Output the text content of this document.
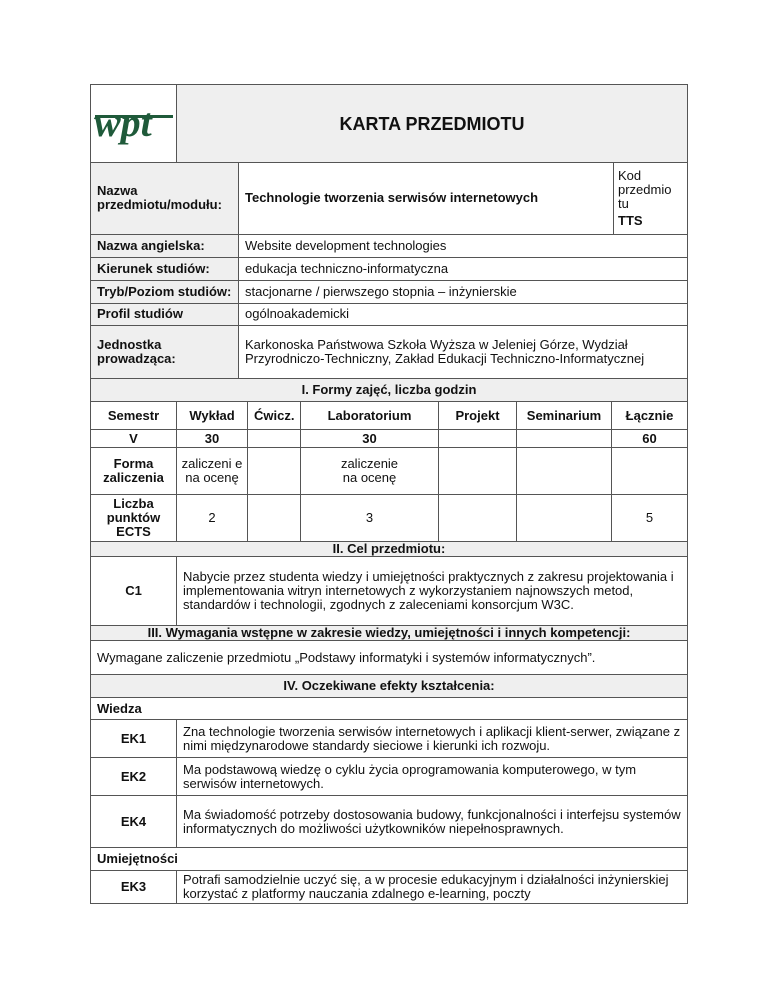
wpt	KARTA PRZEDMIOTU
Nazwa przedmiotu/modułu:	Technologie tworzenia serwisów internetowych	Kod
przedmio
tu
TTS

Nazwa angielska:	Website development technologies	
Kierunek studiów:	edukacja techniczno-informatyczna	
Tryb/Poziom studiów:	stacjonarne / pierwszego stopnia – inżynierskie	
Profil studiów	ogólnoakademicki	
Jednostka prowadząca:	Karkonoska Państwowa Szkoła Wyższa w Jeleniej Górze, Wydział Przyrodniczo-Techniczny, Zakład Edukacji Techniczno-Informatycznej	
I. Formy zajęć, liczba godzin						
Semestr	Wykład	Ćwicz.	Laboratorium	Projekt	Seminarium	Łącznie
V	30		30			60
Forma zaliczenia	zaliczeni e na ocenę		zaliczenie na ocenę			
Liczba punktów ECTS	2		3			5
II. Cel przedmiotu:	
C1	Nabycie przez studenta wiedzy i umiejętności praktycznych z zakresu projektowania i implementowania witryn internetowych z wykorzystaniem najnowszych metod, standardów i technologii, zgodnych z zaleceniami konsorcjum W3C.
III. Wymagania wstępne w zakresie wiedzy, umiejętności i innych kompetencji:	
Wymagane zaliczenie przedmiotu „Podstawy informatyki i systemów informatycznych”.	
IV. Oczekiwane efekty kształcenia:	
Wiedza	
EK1	Zna technologie tworzenia serwisów internetowych i aplikacji klient-serwer, związane z nimi międzynarodowe standardy sieciowe i kierunki ich rozwoju.
EK2	Ma podstawową wiedzę o cyklu życia oprogramowania komputerowego, w tym serwisów internetowych.
EK4	Ma świadomość potrzeby dostosowania budowy, funkcjonalności i interfejsu systemów informatycznych do możliwości użytkowników niepełnosprawnych.
Umiejętności	
EK3	Potrafi samodzielnie uczyć się, a w procesie edukacyjnym i działalności inżynierskiej korzystać z platformy nauczania zdalnego e-learning, poczty
